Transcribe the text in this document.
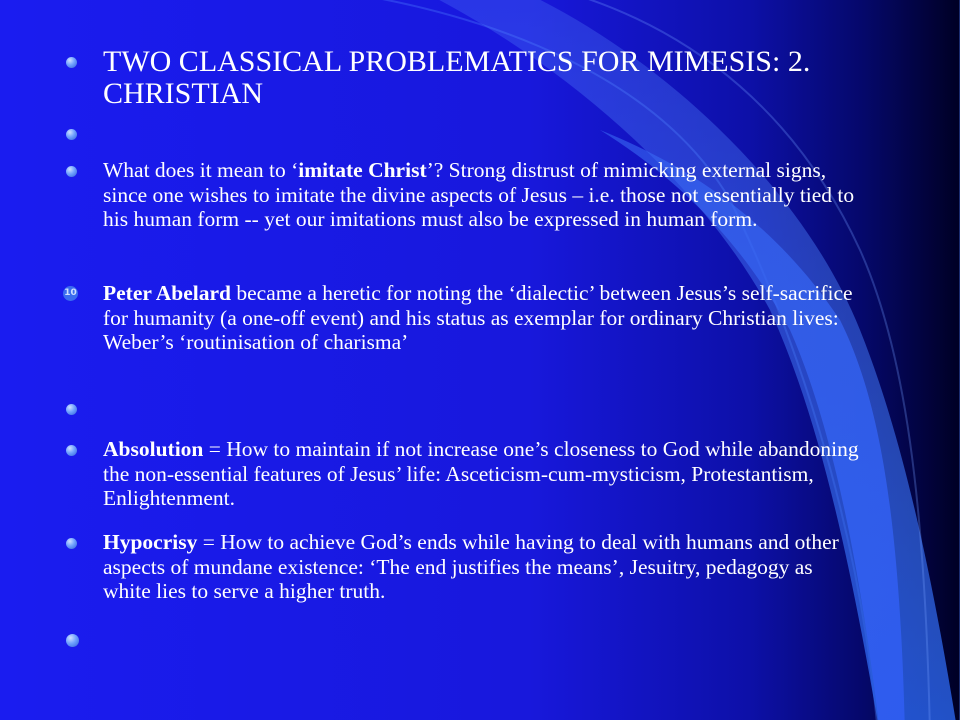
TWO CLASSICAL PROBLEMATICS FOR MIMESIS: 2. CHRISTIAN
What does it mean to ‘imitate Christ’? Strong distrust of mimicking external signs, since one wishes to imitate the divine aspects of Jesus – i.e. those not essentially tied to his human form -- yet our imitations must also be expressed in human form.
10 Peter Abelard became a heretic for noting the ‘dialectic’ between Jesus’s self-sacrifice for humanity (a one-off event) and his status as exemplar for ordinary Christian lives: Weber’s ‘routinisation of charisma’
Absolution = How to maintain if not increase one’s closeness to God while abandoning the non-essential features of Jesus’ life: Asceticism-cum-mysticism, Protestantism, Enlightenment.
Hypocrisy = How to achieve God’s ends while having to deal with humans and other aspects of mundane existence: ‘The end justifies the means’, Jesuitry, pedagogy as white lies to serve a higher truth.
